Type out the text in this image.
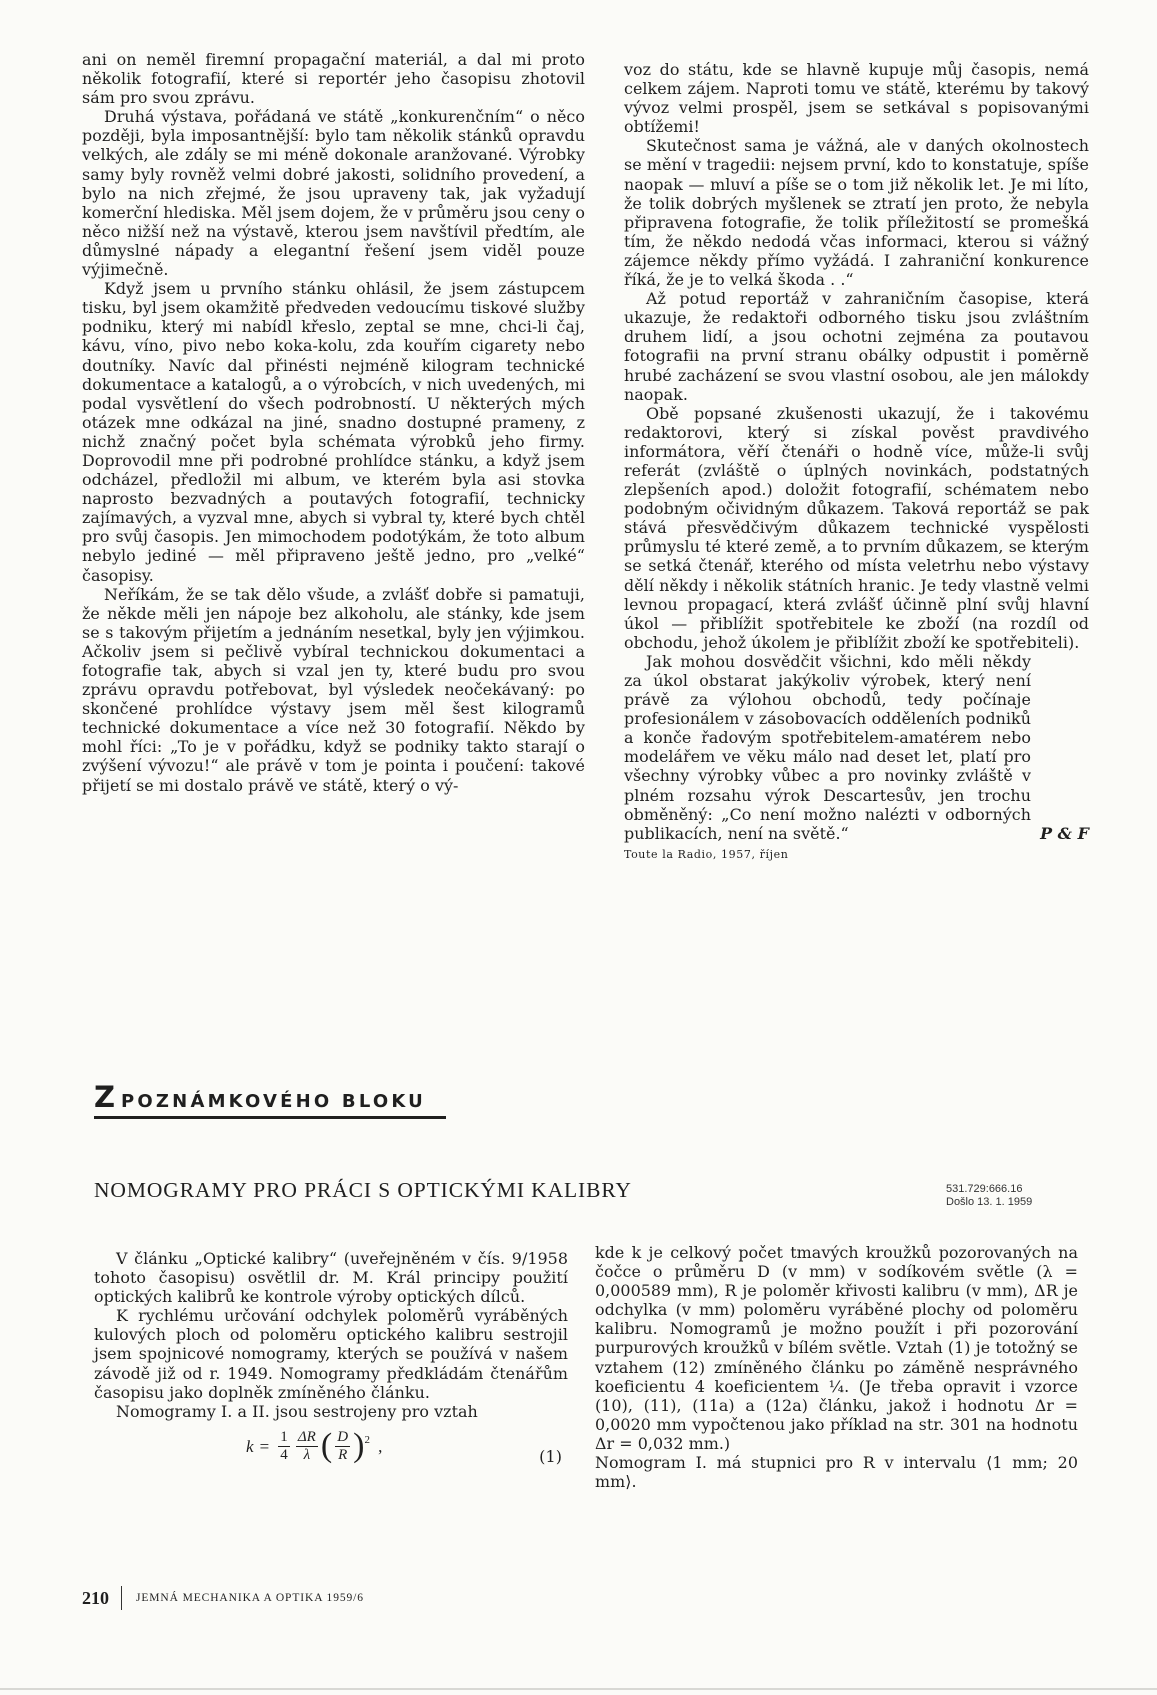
ani on neměl firemní propagační materiál, a dal mi proto několik fotografií, které si reportér jeho časopisu zhotovil sám pro svou zprávu.

Druhá výstava, pořádaná ve státě „konkurenčním“ o něco později, byla imposantnější: bylo tam několik stánků opravdu velkých, ale zdály se mi méně dokonale aranžované. Výrobky samy byly rovněž velmi dobré jakosti, solidního provedení, a bylo na nich zřejmé, že jsou upraveny tak, jak vyžadují komerční hlediska. Měl jsem dojem, že v průměru jsou ceny o něco nižší než na výstavě, kterou jsem navštívil předtím, ale důmyslné nápady a elegantní řešení jsem viděl pouze výjimečně.

Když jsem u prvního stánku ohlásil, že jsem zástupcem tisku, byl jsem okamžitě předveden vedoucímu tiskové služby podniku, který mi nabídl křeslo, zeptal se mne, chci-li čaj, kávu, víno, pivo nebo koka-kolu, zda kouřím cigarety nebo doutníky. Navíc dal přinésti nejméně kilogram technické dokumentace a katalogů, a o výrobcích, v nich uvedených, mi podal vysvětlení do všech podrobností. U některých mých otázek mne odkázal na jiné, snadno dostupné prameny, z nichž značný počet byla schémata výrobků jeho firmy. Doprovodil mne při podrobné prohlídce stánku, a když jsem odcházel, předložil mi album, ve kterém byla asi stovka naprosto bezvadných a poutavých fotografií, technicky zajímavých, a vyzval mne, abych si vybral ty, které bych chtěl pro svůj časopis. Jen mimochodem podotýkám, že toto album nebylo jediné — měl připraveno ještě jedno, pro „velké“ časopisy.

Neříkám, že se tak dělo všude, a zvlášť dobře si pamatuji, že někde měli jen nápoje bez alkoholu, ale stánky, kde jsem se s takovým přijetím a jednáním nesetkal, byly jen výjimkou. Ačkoliv jsem si pečlivě vybíral technickou dokumentaci a fotografie tak, abych si vzal jen ty, které budu pro svou zprávu opravdu potřebovat, byl výsledek neočekávaný: po skončené prohlídce výstavy jsem měl šest kilogramů technické dokumentace a více než 30 fotografií. Někdo by mohl říci: „To je v pořádku, když se podniky takto starají o zvýšení vývozu!“ ale právě v tom je pointa i poučení: takové přijetí se mi dostalo právě ve státě, který o vý-

voz do státu, kde se hlavně kupuje můj časopis, nemá celkem zájem. Naproti tomu ve státě, kterému by takový vývoz velmi prospěl, jsem se setkával s popisovanými obtížemi!

Skutečnost sama je vážná, ale v daných okolnostech se mění v tragedii: nejsem první, kdo to konstatuje, spíše naopak — mluví a píše se o tom již několik let. Je mi líto, že tolik dobrých myšlenek se ztratí jen proto, že nebyla připravena fotografie, že tolik příležitostí se promešká tím, že někdo nedodá včas informaci, kterou si vážný zájemce někdy přímo vyžádá. I zahraniční konkurence říká, že je to velká škoda . .“

Až potud reportáž v zahraničním časopise, která ukazuje, že redaktoři odborného tisku jsou zvláštním druhem lidí, a jsou ochotni zejména za poutavou fotografii na první stranu obálky odpustit i poměrně hrubé zacházení se svou vlastní osobou, ale jen málokdy naopak.

Obě popsané zkušenosti ukazují, že i takovému redaktorovi, který si získal pověst pravdivého informátora, věří čtenáři o hodně více, může-li svůj referát (zvláště o úplných novinkách, podstatných zlepšeních apod.) doložit fotografií, schématem nebo podobným očividným důkazem. Taková reportáž se pak stává přesvědčivým důkazem technické vyspělosti průmyslu té které země, a to prvním důkazem, se kterým se setká čtenář, kterého od místa veletrhu nebo výstavy dělí někdy i několik státních hranic. Je tedy vlastně velmi levnou propagací, která zvlášť účinně plní svůj hlavní úkol — přiblížit spotřebitele ke zboží (na rozdíl od obchodu, jehož úkolem je přiblížit zboží ke spotřebiteli).

Jak mohou dosvědčit všichni, kdo měli někdy za úkol obstarat jakýkoliv výrobek, který není právě za výlohou obchodů, tedy počínaje profesionálem v zásobovacích odděleních podniků a konče řadovým spotřebitelem-amatérem nebo modelářem ve věku málo nad deset let, platí pro všechny výrobky vůbec a pro novinky zvláště v plném rozsahu výrok Descartesův, jen trochu obměněný: „Co není možno nalézti v odborných publikacích, není na světě.“	P & F

Toute la Radio, 1957, říjen

ZPOZNÁMKOVÉHO BLOKU
NOMOGRAMY PRO PRÁCI S OPTICKÝMI KALIBRY	531.729:666.16
Došlo 13. 1. 1959

V článku „Optické kalibry“ (uveřejněném v čís. 9/1958 tohoto časopisu) osvětlil dr. M. Král principy použití optických kalibrů ke kontrole výroby optických dílců.

K rychlému určování odchylek poloměrů vyráběných kulových ploch od poloměru optického kalibru sestrojil jsem spojnicové nomogramy, kterých se používá v našem závodě již od r. 1949. Nomogramy předkládám čtenářům časopisu jako doplněk zmíněného článku.

Nomogramy I. a II. jsou sestrojeny pro vztah

$k = \frac{1}{4} \frac{\Delta R}{\lambda}$ ( $\frac{D}{R}$ ) 2 ,
(1)

kde k je celkový počet tmavých kroužků pozorovaných na čočce o průměru D (v mm) v sodíkovém světle (λ = 0,000589 mm), R je poloměr křivosti kalibru (v mm), ΔR je odchylka (v mm) poloměru vyráběné plochy od poloměru kalibru. Nomogramů je možno použít i při pozorování purpurových kroužků v bílém světle. Vztah (1) je totožný se vztahem (12) zmíněného článku po záměně nesprávného koeficientu 4 koeficientem ¼. (Je třeba opravit i vzorce (10), (11), (11a) a (12a) článku, jakož i hodnotu Δr = 0,0020 mm vypočtenou jako příklad na str. 301 na hodnotu Δr = 0,032 mm.)

Nomogram I. má stupnici pro R v intervalu ⟨1 mm; 20 mm⟩.

210 JEMNÁ MECHANIKA A OPTIKA 1959/6
